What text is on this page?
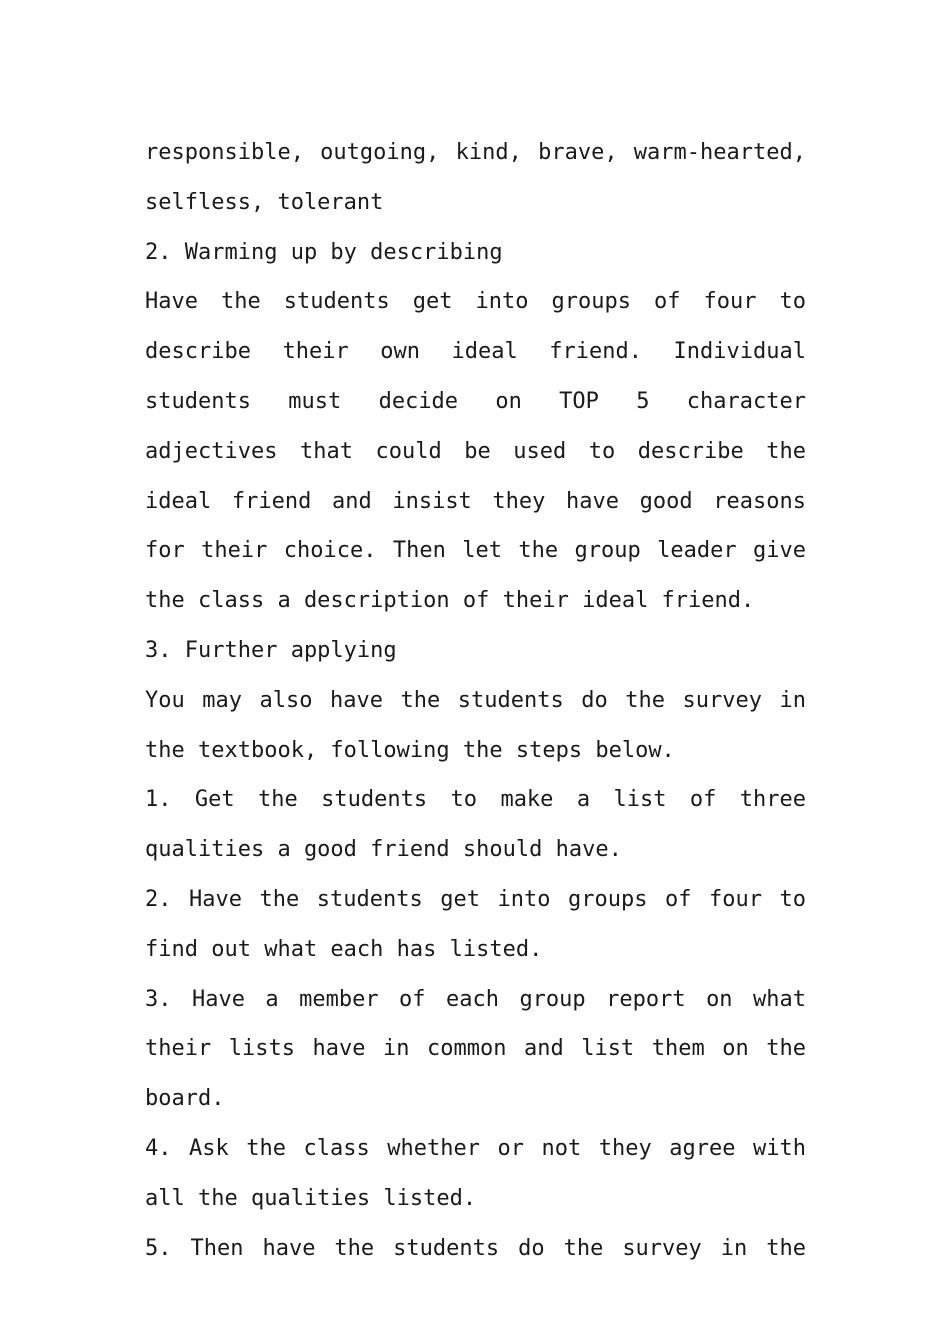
responsible, outgoing, kind, brave, warm-hearted,

selfless, tolerant

2. Warming up by describing

Have the students get into groups of four to describe their own ideal friend. Individual students must decide on TOP 5 character adjectives that could be used to describe the ideal friend and insist they have good reasons for their choice. Then let the group leader give the class a description of their ideal friend.

3. Further applying

You may also have the students do the survey in the textbook, following the steps below.

1. Get the students to make a list of three qualities a good friend should have.

2. Have the students get into groups of four to find out what each has listed.

3. Have a member of each group report on what their lists have in common and list them on the board.

4. Ask the class whether or not they agree with all the qualities listed.

5. Then have the students do the survey in the
